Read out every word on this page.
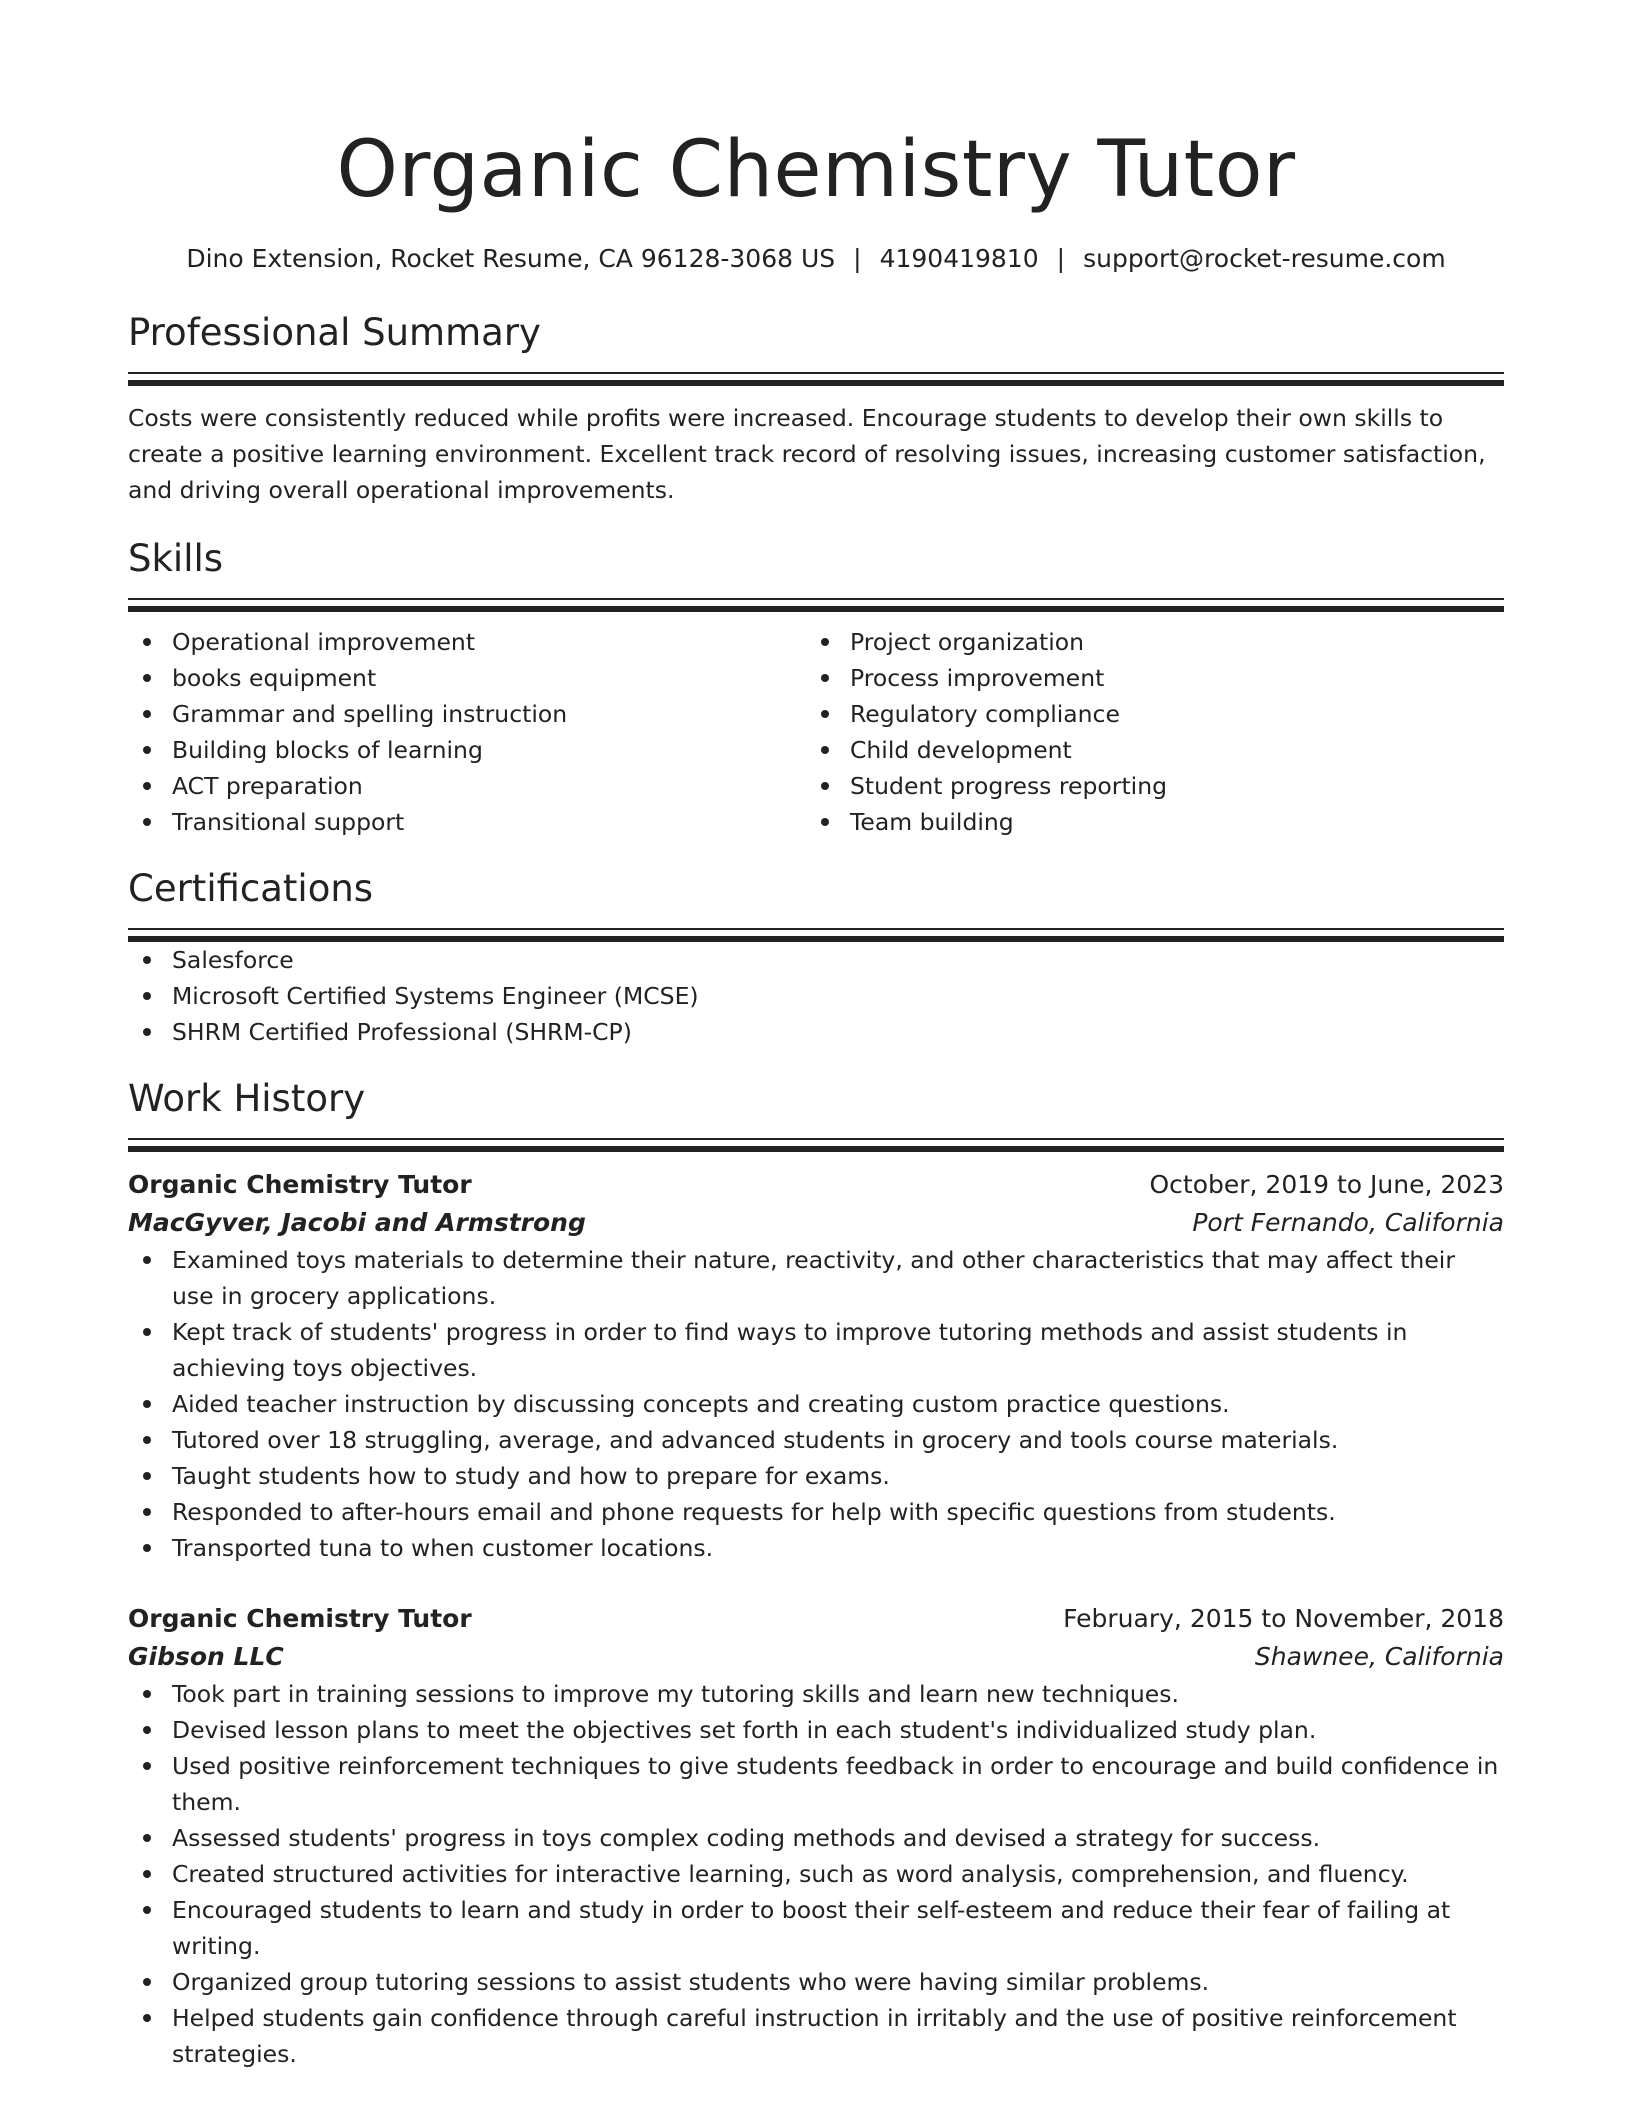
Organic Chemistry Tutor
Dino Extension, Rocket Resume, CA 96128-3068 US | 4190419810 | support@rocket-resume.com
Professional Summary

Costs were consistently reduced while profits were increased. Encourage students to develop their own skills to create a positive learning environment. Excellent track record of resolving issues, increasing customer satisfaction, and driving overall operational improvements.

Skills
Operational improvement
books equipment
Grammar and spelling instruction
Building blocks of learning
ACT preparation
Transitional support
Project organization
Process improvement
Regulatory compliance
Child development
Student progress reporting
Team building
Certifications
Salesforce
Microsoft Certified Systems Engineer (MCSE)
SHRM Certified Professional (SHRM-CP)
Work History
Organic Chemistry Tutor	October, 2019 to June, 2023
MacGyver, Jacobi and Armstrong	Port Fernando, California
Examined toys materials to determine their nature, reactivity, and other characteristics that may affect their use in grocery applications.
Kept track of students' progress in order to find ways to improve tutoring methods and assist students in achieving toys objectives.
Aided teacher instruction by discussing concepts and creating custom practice questions.
Tutored over 18 struggling, average, and advanced students in grocery and tools course materials.
Taught students how to study and how to prepare for exams.
Responded to after-hours email and phone requests for help with specific questions from students.
Transported tuna to when customer locations.
Organic Chemistry Tutor	February, 2015 to November, 2018
Gibson LLC	Shawnee, California
Took part in training sessions to improve my tutoring skills and learn new techniques.
Devised lesson plans to meet the objectives set forth in each student's individualized study plan.
Used positive reinforcement techniques to give students feedback in order to encourage and build confidence in them.
Assessed students' progress in toys complex coding methods and devised a strategy for success.
Created structured activities for interactive learning, such as word analysis, comprehension, and fluency.
Encouraged students to learn and study in order to boost their self-esteem and reduce their fear of failing at writing.
Organized group tutoring sessions to assist students who were having similar problems.
Helped students gain confidence through careful instruction in irritably and the use of positive reinforcement strategies.
